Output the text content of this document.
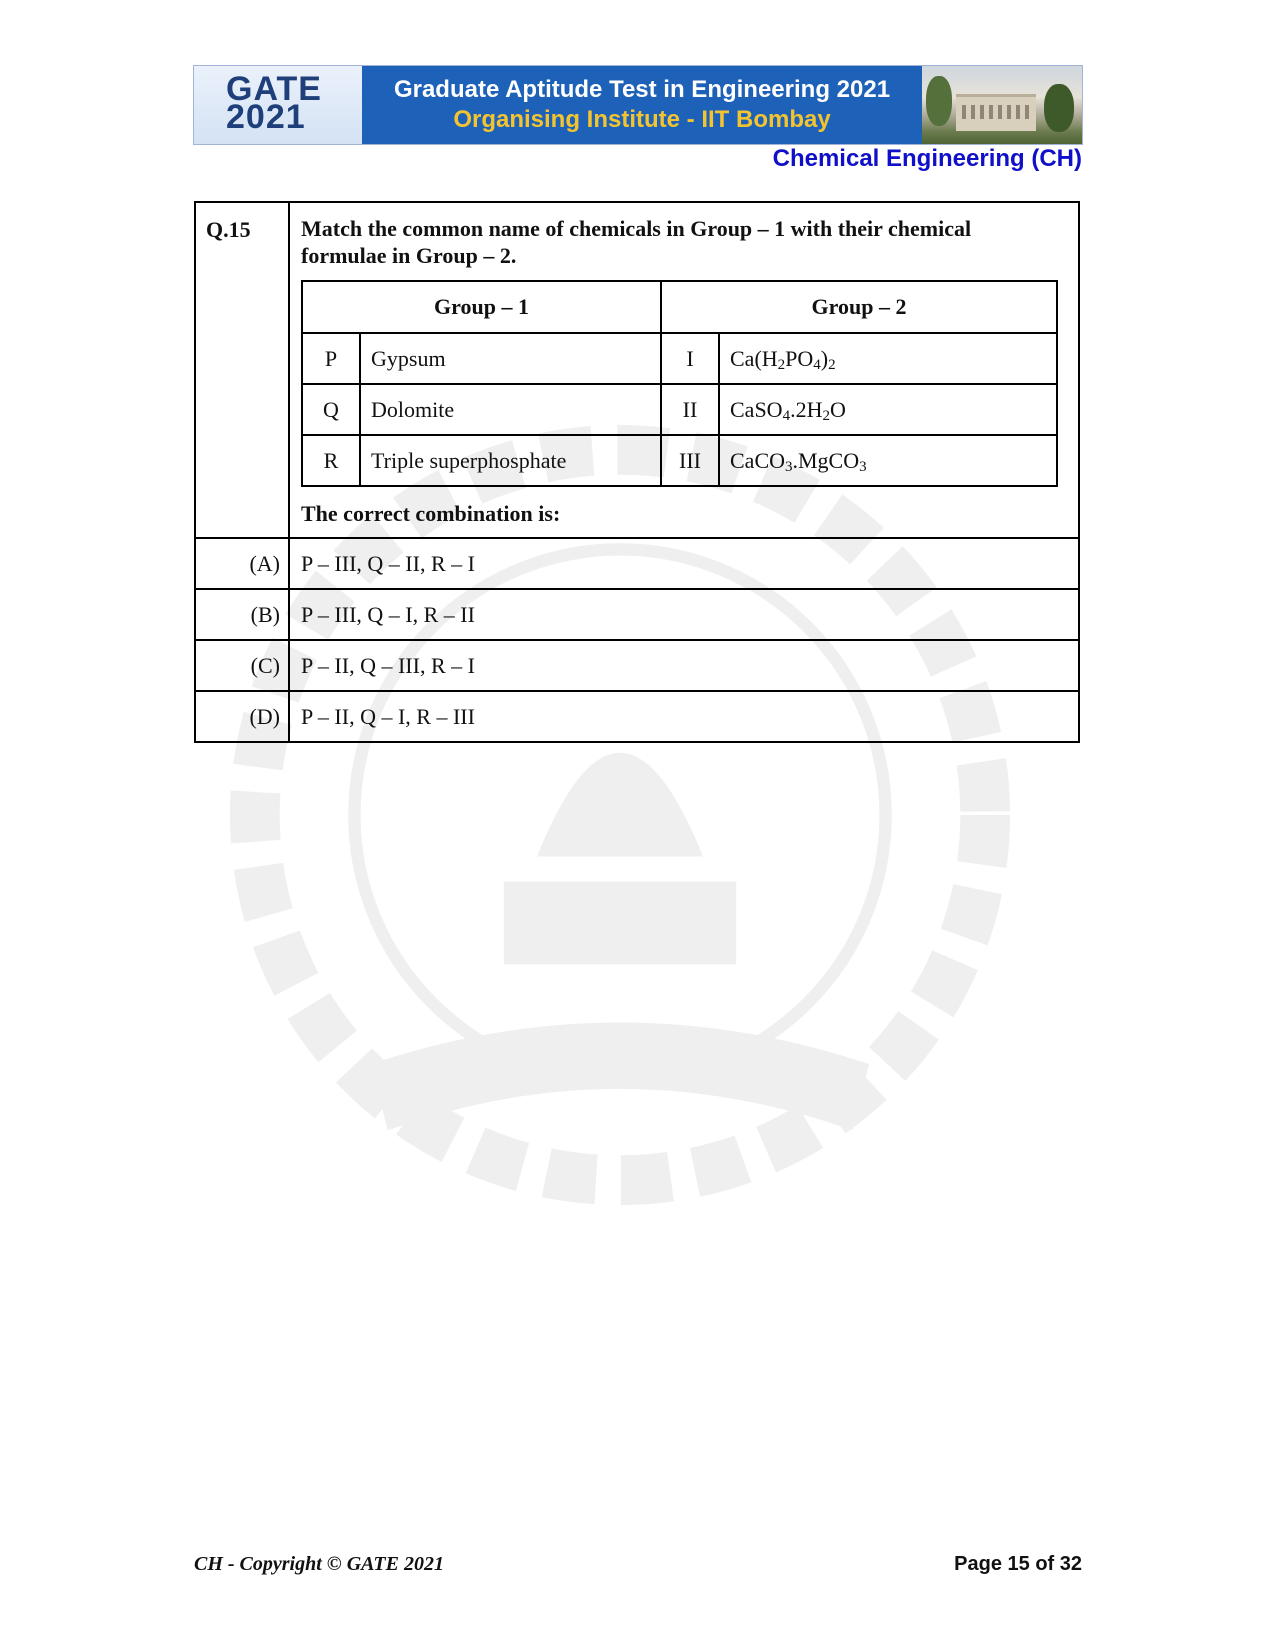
GATE
2021
Graduate Aptitude Test in Engineering 2021
Organising Institute - IIT Bombay
Chemical Engineering (CH)
Q.15	Match the common name of chemicals in Group – 1 with their chemical formulae in Group – 2.
Group – 1	Group – 2
P	Gypsum	I	$Ca(H_2PO_4)_2$
Q	Dolomite	II	$CaSO_4.2H_2O$
R	Triple superphosphate	III	CaCO$_3$.MgCO$_3$
The correct combination is:

(A)	P – III, Q – II, R – I
(B)	P – III, Q – I, R – II
(C)	P – II, Q – III, R – I
(D)	P – II, Q – I, R – III
CH - Copyright © GATE 2021	Page 15 of 32
